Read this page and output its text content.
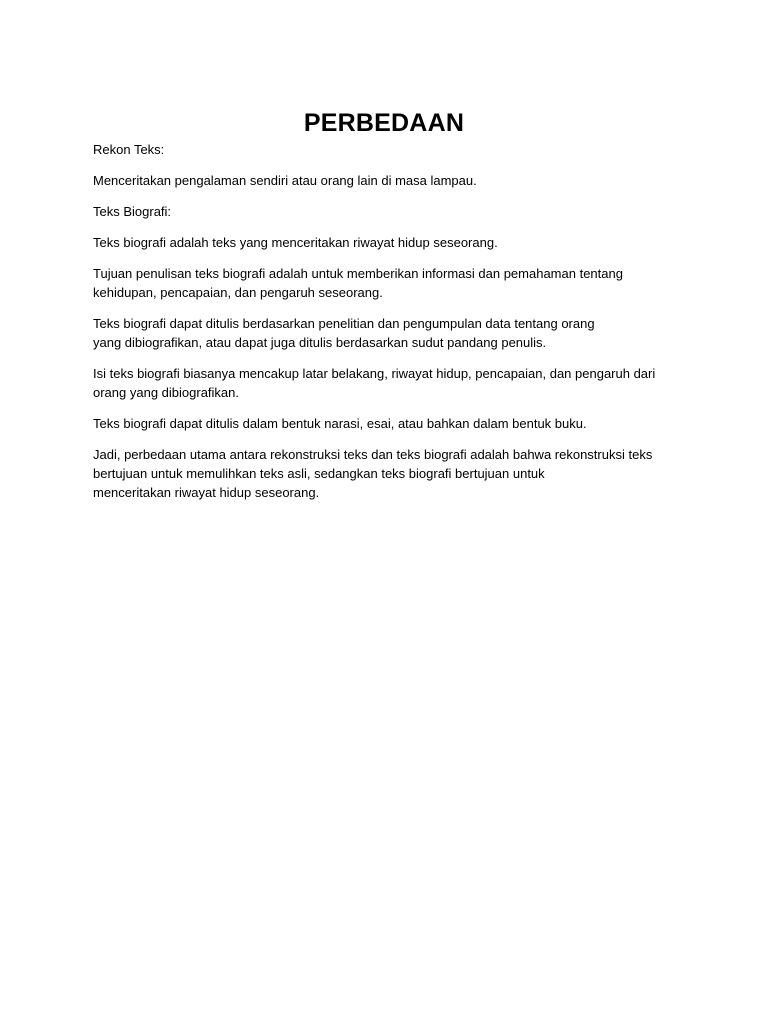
PERBEDAAN

Rekon Teks:

Menceritakan pengalaman sendiri atau orang lain di masa lampau.

Teks Biografi:

Teks biografi adalah teks yang menceritakan riwayat hidup seseorang.

Tujuan penulisan teks biografi adalah untuk memberikan informasi dan pemahaman tentang
kehidupan, pencapaian, dan pengaruh seseorang.

Teks biografi dapat ditulis berdasarkan penelitian dan pengumpulan data tentang orang
yang dibiografikan, atau dapat juga ditulis berdasarkan sudut pandang penulis.

Isi teks biografi biasanya mencakup latar belakang, riwayat hidup, pencapaian, dan pengaruh dari
orang yang dibiografikan.

Teks biografi dapat ditulis dalam bentuk narasi, esai, atau bahkan dalam bentuk buku.

Jadi, perbedaan utama antara rekonstruksi teks dan teks biografi adalah bahwa rekonstruksi teks
bertujuan untuk memulihkan teks asli, sedangkan teks biografi bertujuan untuk
menceritakan riwayat hidup seseorang.
